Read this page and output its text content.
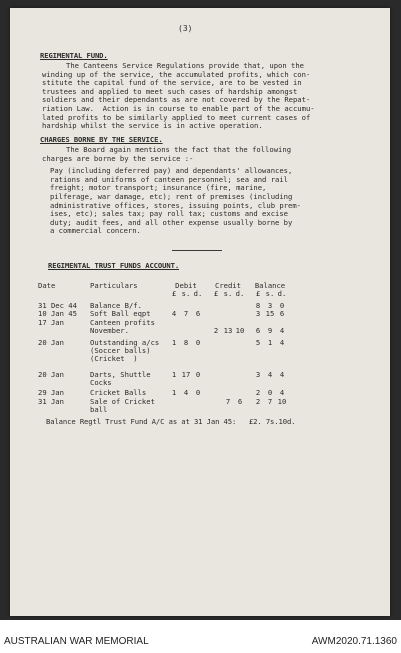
(3)
REGIMENTAL FUND.
The Canteens Service Regulations provide that, upon the
winding up of the service, the accumulated profits, which con-
stitute the capital fund of the service, are to be vested in
trustees and applied to meet such cases of hardship amongst
soldiers and their dependants as are not covered by the Repat-
riation Law.  Action is in course to enable part of the accumu-
lated profits to be similarly applied to meet current cases of
hardship whilst the service is in active operation.
CHARGES BORNE BY THE SERVICE.
The Board again mentions the fact that the following
charges are borne by the service :-
Pay (including deferred pay) and dependants' allowances,
rations and uniforms of canteen personnel; sea and rail
freight; motor transport; insurance (fire, marine,
pilferage, war damage, etc); rent of premises (including
administrative offices, stores, issuing points, club prem-
ises, etc); sales tax; pay roll tax; customs and excise
duty; audit fees, and all other expense usually borne by
a commercial concern.
REGIMENTAL TRUST FUNDS ACCOUNT.
Date	Particulars	Debit				Credit				Balance		
		£	s.	d.		£	s.	d.		£	s.	d.
31 Dec 44	Balance B/f.									8	3	0
10 Jan 45	Soft Ball eqpt	4	7	6						3	15	6
17 Jan	Canteen profits
November.					2	13	10		6	9	4
20 Jan	Outstanding a/cs
(Soccer balls)
(Cricket  )	1	8	0						5	1	4
20 Jan	Darts, Shuttle
Cocks	1	17	0						3	4	4
29 Jan	Cricket Balls	1	4	0						2	0	4
31 Jan	Sale of Cricket
ball						7	6		2	7	10
Balance Regtl Trust Fund A/C as at 31 Jan 45:   £2. 7s.10d.
AUSTRALIAN WAR MEMORIAL	AWM2020.71.1360
